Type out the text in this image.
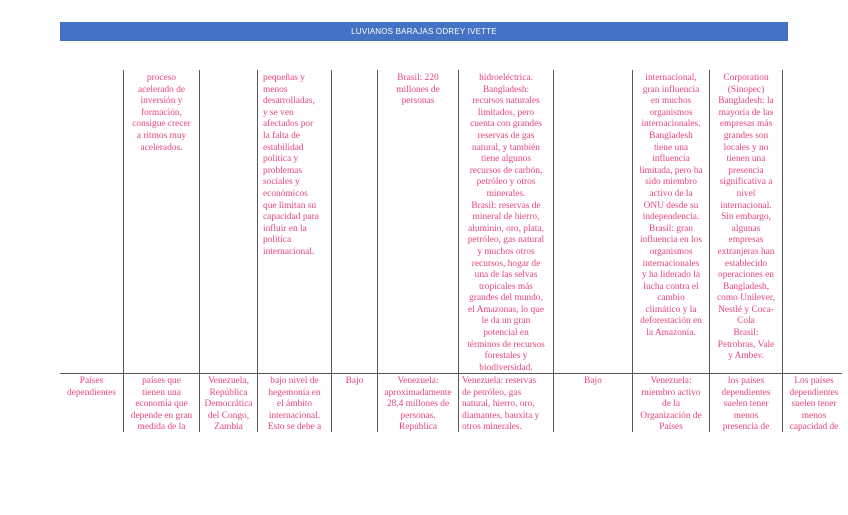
LUVIANOS BARAJAS ODREY IVETTE
proceso
acelerado de
inversión y
formación,
consigue crecer
a ritmos muy
acelerados.
pequeñas y
menos
desarrolladas,
y se ven
afectados por
la falta de
estabilidad
política y
problemas
sociales y
económicos
que limitan su
capacidad para
influir en la
política
internacional.
Brasil: 220
millones de
personas
hidroeléctrica.
Bangladesh:
recursos naturales
limitados, pero
cuenta con grandes
reservas de gas
natural, y también
tiene algunos
recursos de carbón,
petróleo y otros
minerales.
Brasil: reservas de
mineral de hierro,
aluminio, oro, plata,
petróleo, gas natural
y muchos otros
recursos, hogar de
una de las selvas
tropicales más
grandes del mundo,
el Amazonas, lo que
le da un gran
potencial en
términos de recursos
forestales y
biodiversidad.
internacional,
gran influencia
en muchos
organismos
internacionales.
Bangladesh
tiene una
influencia
limitada, pero ha
sido miembro
activo de la
ONU desde su
independencia.
Brasil: gran
influencia en los
organismos
internacionales
y ha liderado la
lucha contra el
cambio
climático y la
deforestación en
la Amazonía.
Corporation
(Sinopec)
Bangladesh: la
mayoría de las
empresas más
grandes son
locales y no
tienen una
presencia
significativa a
nivel
internacional.
Sin embargo,
algunas
empresas
extranjeras han
establecido
operaciones en
Bangladesh,
como Unilever,
Nestlé y Coca-
Cola
Brasil:
Petrobras, Vale
y Ambev.
Países
dependientes
países que
tienen una
economía que
depende en gran
medida de la
Venezuela,
República
Democrática
del Congo,
Zambia
bajo nivel de
hegemonía en
el ámbito
internacional.
Esto se debe a
Bajo	Venezuela:
aproximadamente
28,4 millones de
personas.
República
Venezuela: reservas
de petróleo, gas
natural, hierro, oro,
diamantes, bauxita y
otros minerales.
Bajo	Venezuela:
miembro activo
de la
Organización de
Países
los países
dependientes
suelen tener
menos
presencia de
Los países
dependientes
suelen tener
menos
capacidad de
